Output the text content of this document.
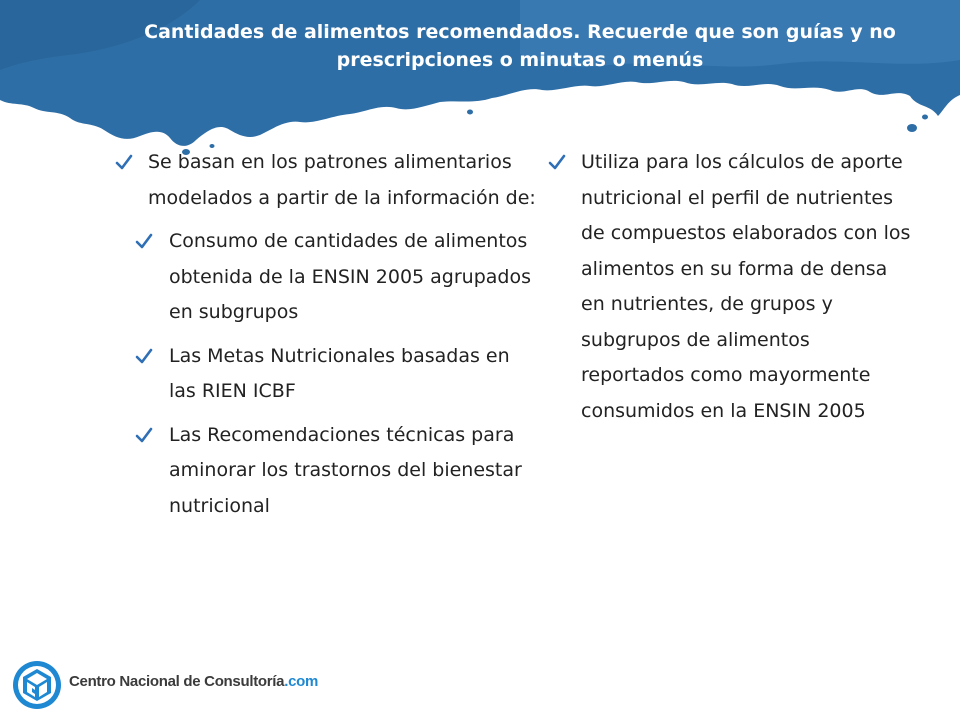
Cantidades de alimentos recomendados. Recuerde que son guías y no prescripciones o minutas o menús
Se basan en los patrones alimentarios modelados a partir de la información de:
Consumo de cantidades de alimentos obtenida de la ENSIN 2005 agrupados en subgrupos
Las Metas Nutricionales basadas en las RIEN ICBF
Las Recomendaciones técnicas para aminorar los trastornos del bienestar nutricional
Utiliza para los cálculos de aporte nutricional el perfil de nutrientes de compuestos elaborados con los alimentos en su forma de densa en nutrientes, de grupos y subgrupos de alimentos reportados como mayormente consumidos en la ENSIN 2005
Centro Nacional de Consultoría.com
